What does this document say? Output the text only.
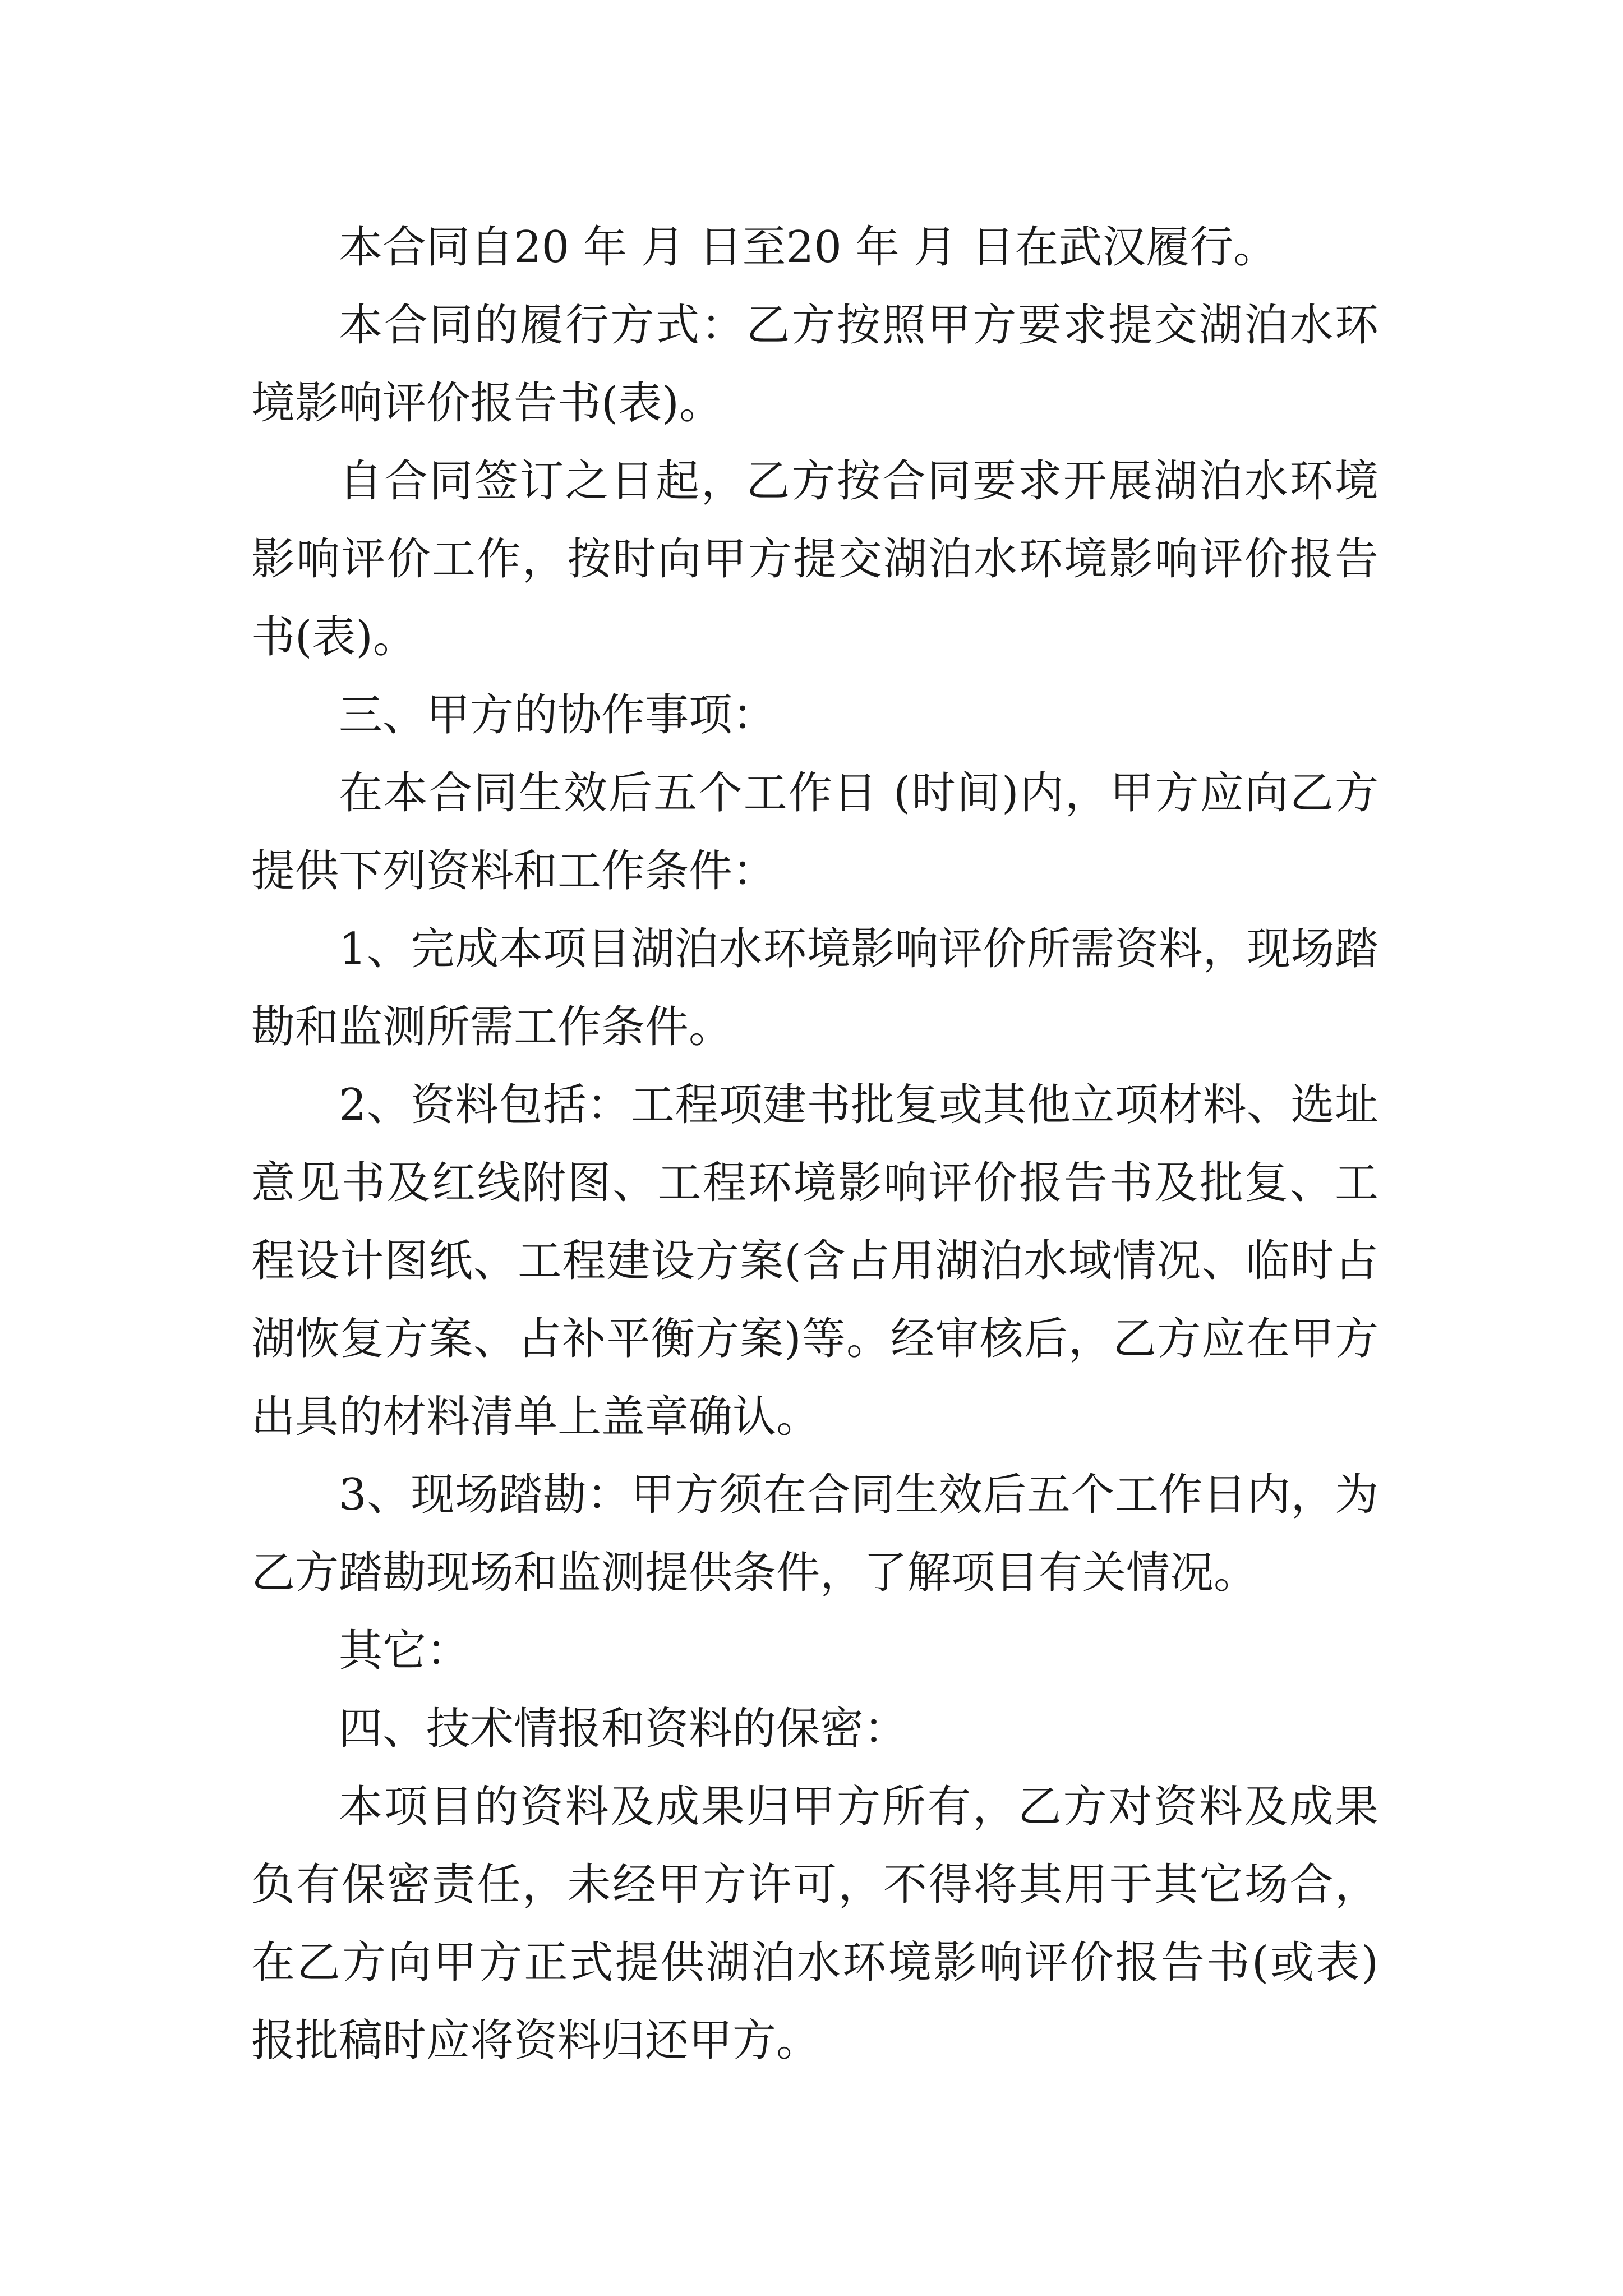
本合同自20 年 月 日至20 年 月 日在武汉履行。

本合同的履行方式：乙方按照甲方要求提交湖泊水环境影响评价报告书(表)。

自合同签订之日起，乙方按合同要求开展湖泊水环境影响评价工作，按时向甲方提交湖泊水环境影响评价报告书(表)。

三、甲方的协作事项：

在本合同生效后五个工作日 (时间)内，甲方应向乙方提供下列资料和工作条件：

1、完成本项目湖泊水环境影响评价所需资料，现场踏勘和监测所需工作条件。

2、资料包括：工程项建书批复或其他立项材料、选址意见书及红线附图、工程环境影响评价报告书及批复、工程设计图纸、工程建设方案(含占用湖泊水域情况、临时占湖恢复方案、占补平衡方案)等。经审核后，乙方应在甲方出具的材料清单上盖章确认。

3、现场踏勘：甲方须在合同生效后五个工作日内，为乙方踏勘现场和监测提供条件，了解项目有关情况。

其它：

四、技术情报和资料的保密：

本项目的资料及成果归甲方所有，乙方对资料及成果负有保密责任，未经甲方许可，不得将其用于其它场合，在乙方向甲方正式提供湖泊水环境影响评价报告书(或表)报批稿时应将资料归还甲方。
